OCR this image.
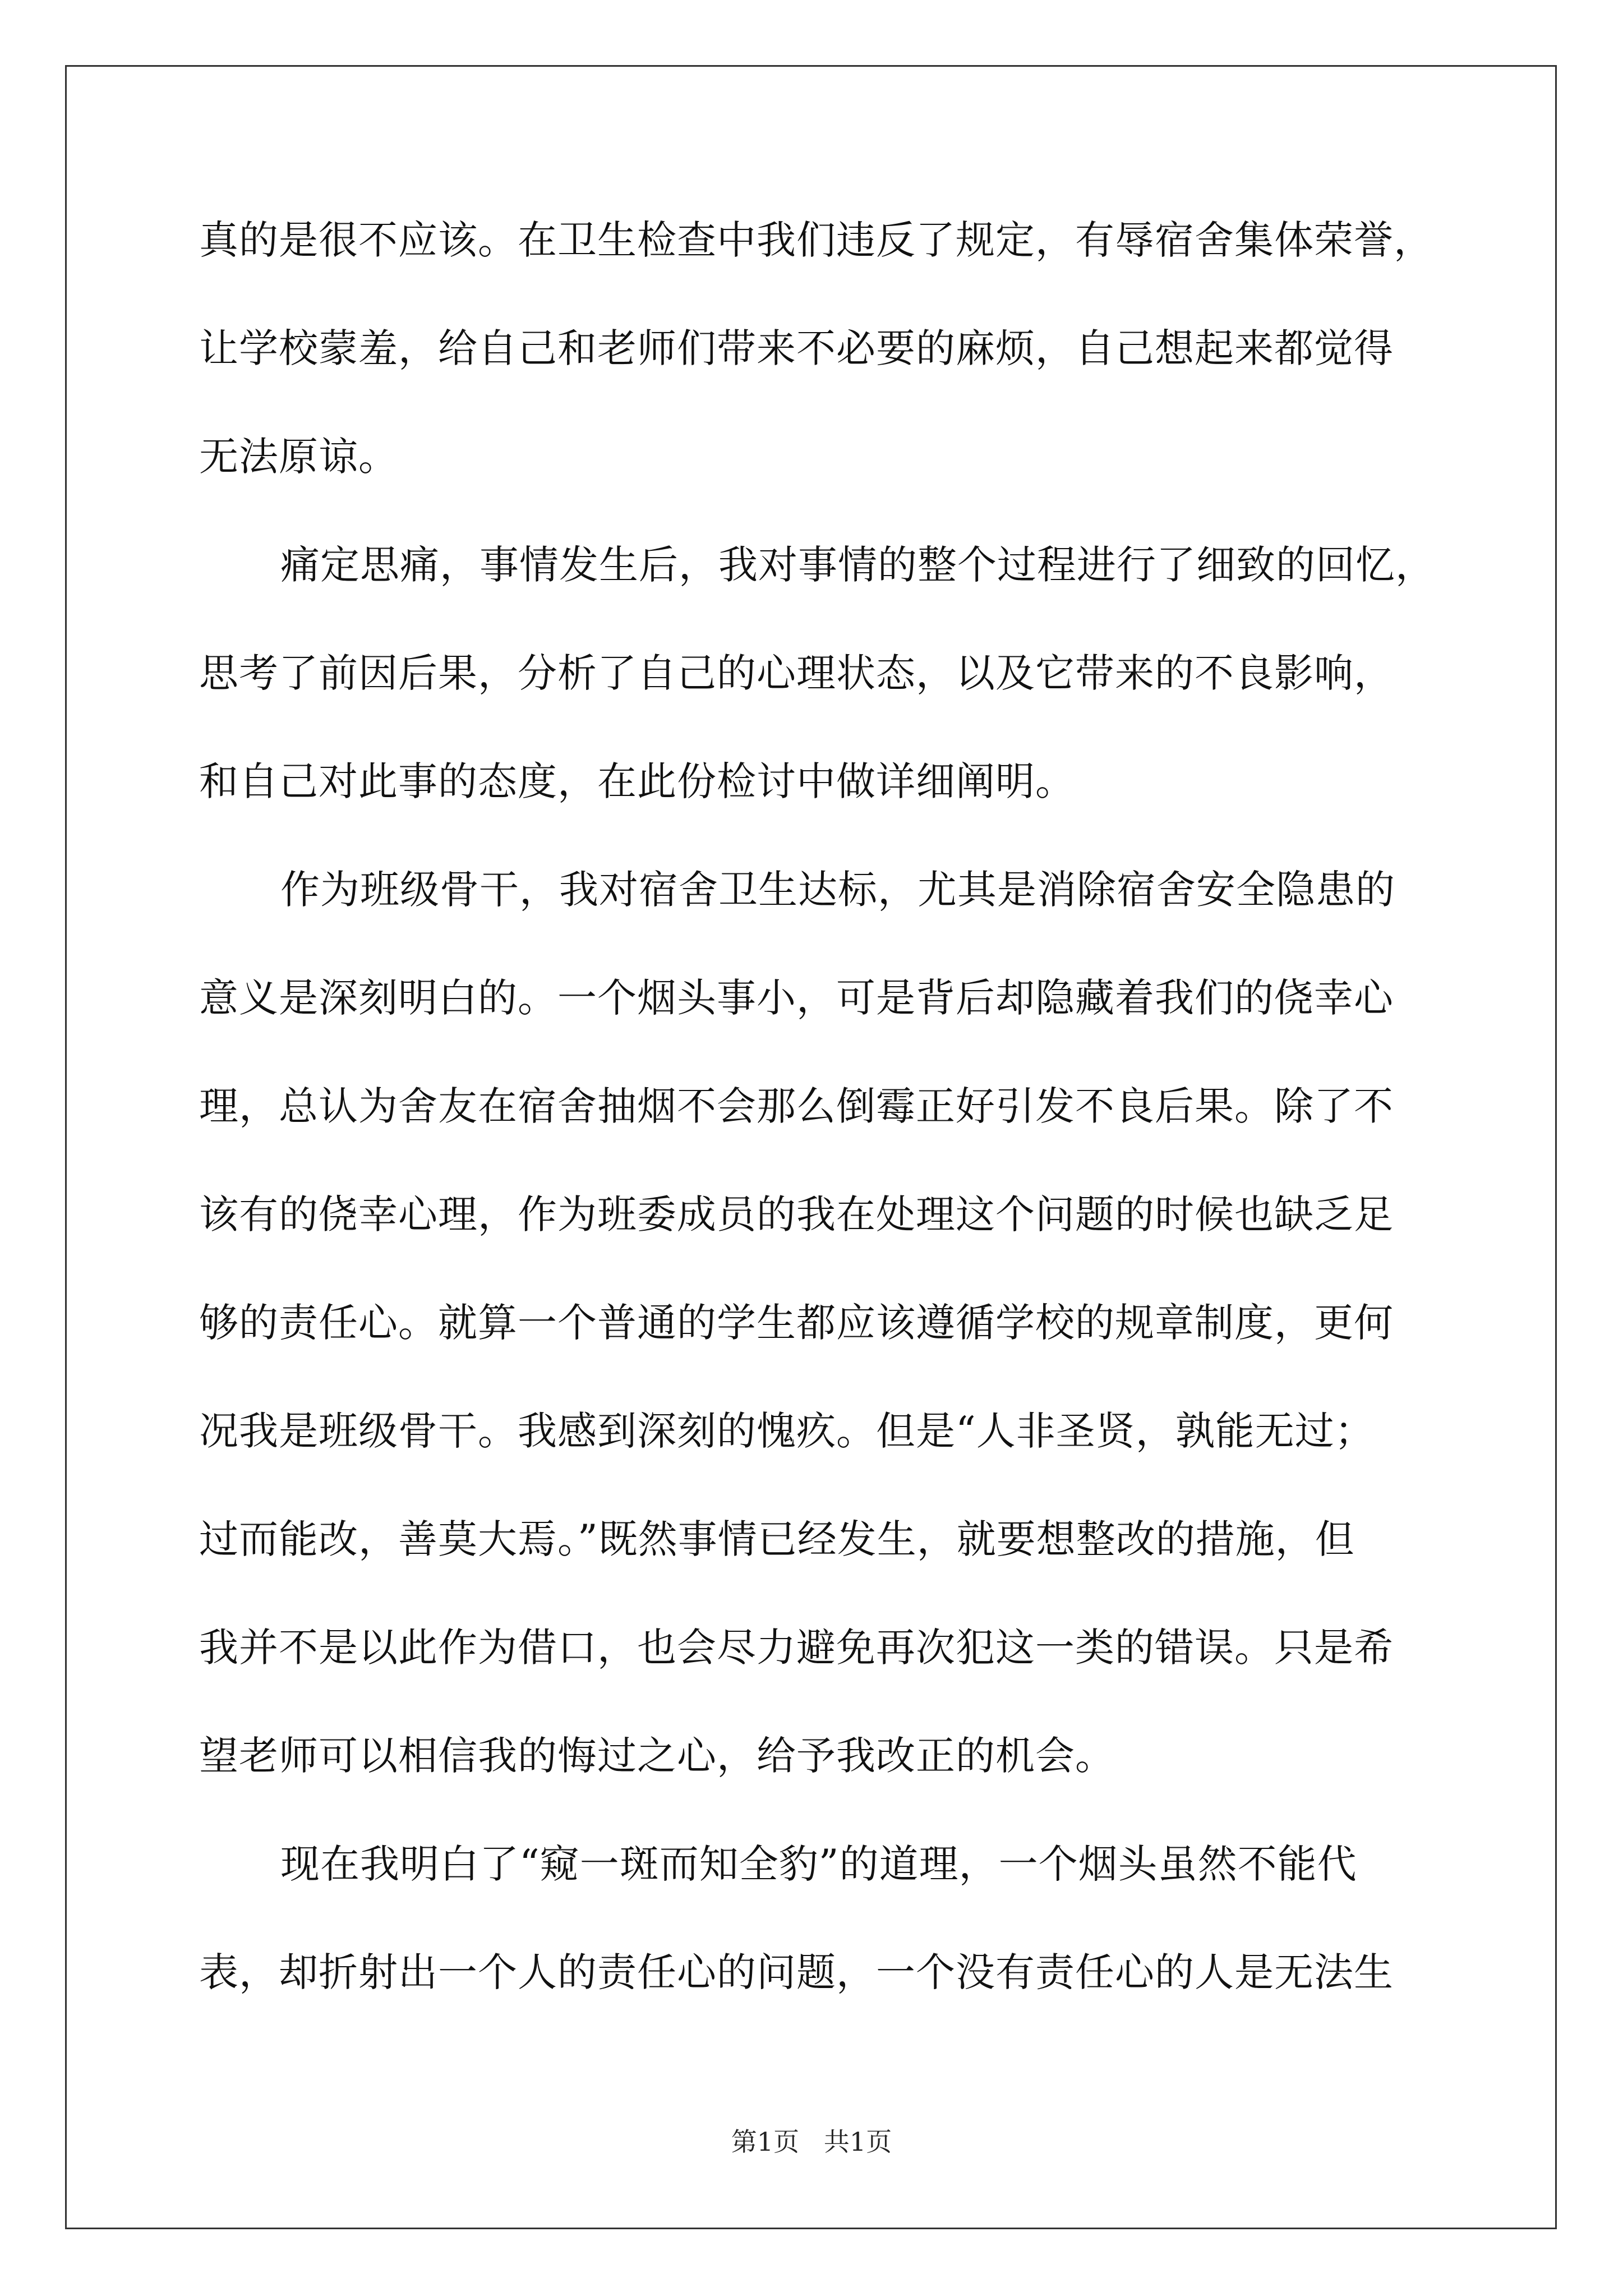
真的是很不应该。在卫生检查中我们违反了规定，有辱宿舍集体荣誉，
让学校蒙羞，给自己和老师们带来不必要的麻烦，自己想起来都觉得
无法原谅。
痛定思痛，事情发生后，我对事情的整个过程进行了细致的回忆，
思考了前因后果，分析了自己的心理状态，以及它带来的不良影响，
和自己对此事的态度，在此份检讨中做详细阐明。
作为班级骨干，我对宿舍卫生达标，尤其是消除宿舍安全隐患的
意义是深刻明白的。一个烟头事小，可是背后却隐藏着我们的侥幸心
理，总认为舍友在宿舍抽烟不会那么倒霉正好引发不良后果。除了不
该有的侥幸心理，作为班委成员的我在处理这个问题的时候也缺乏足
够的责任心。就算一个普通的学生都应该遵循学校的规章制度，更何
况我是班级骨干。我感到深刻的愧疚。但是“人非圣贤，孰能无过；
过而能改，善莫大焉。”既然事情已经发生，就要想整改的措施，但
我并不是以此作为借口，也会尽力避免再次犯这一类的错误。只是希
望老师可以相信我的悔过之心，给予我改正的机会。
现在我明白了“窥一斑而知全豹”的道理，一个烟头虽然不能代
表，却折射出一个人的责任心的问题，一个没有责任心的人是无法生
第1页   共1页
